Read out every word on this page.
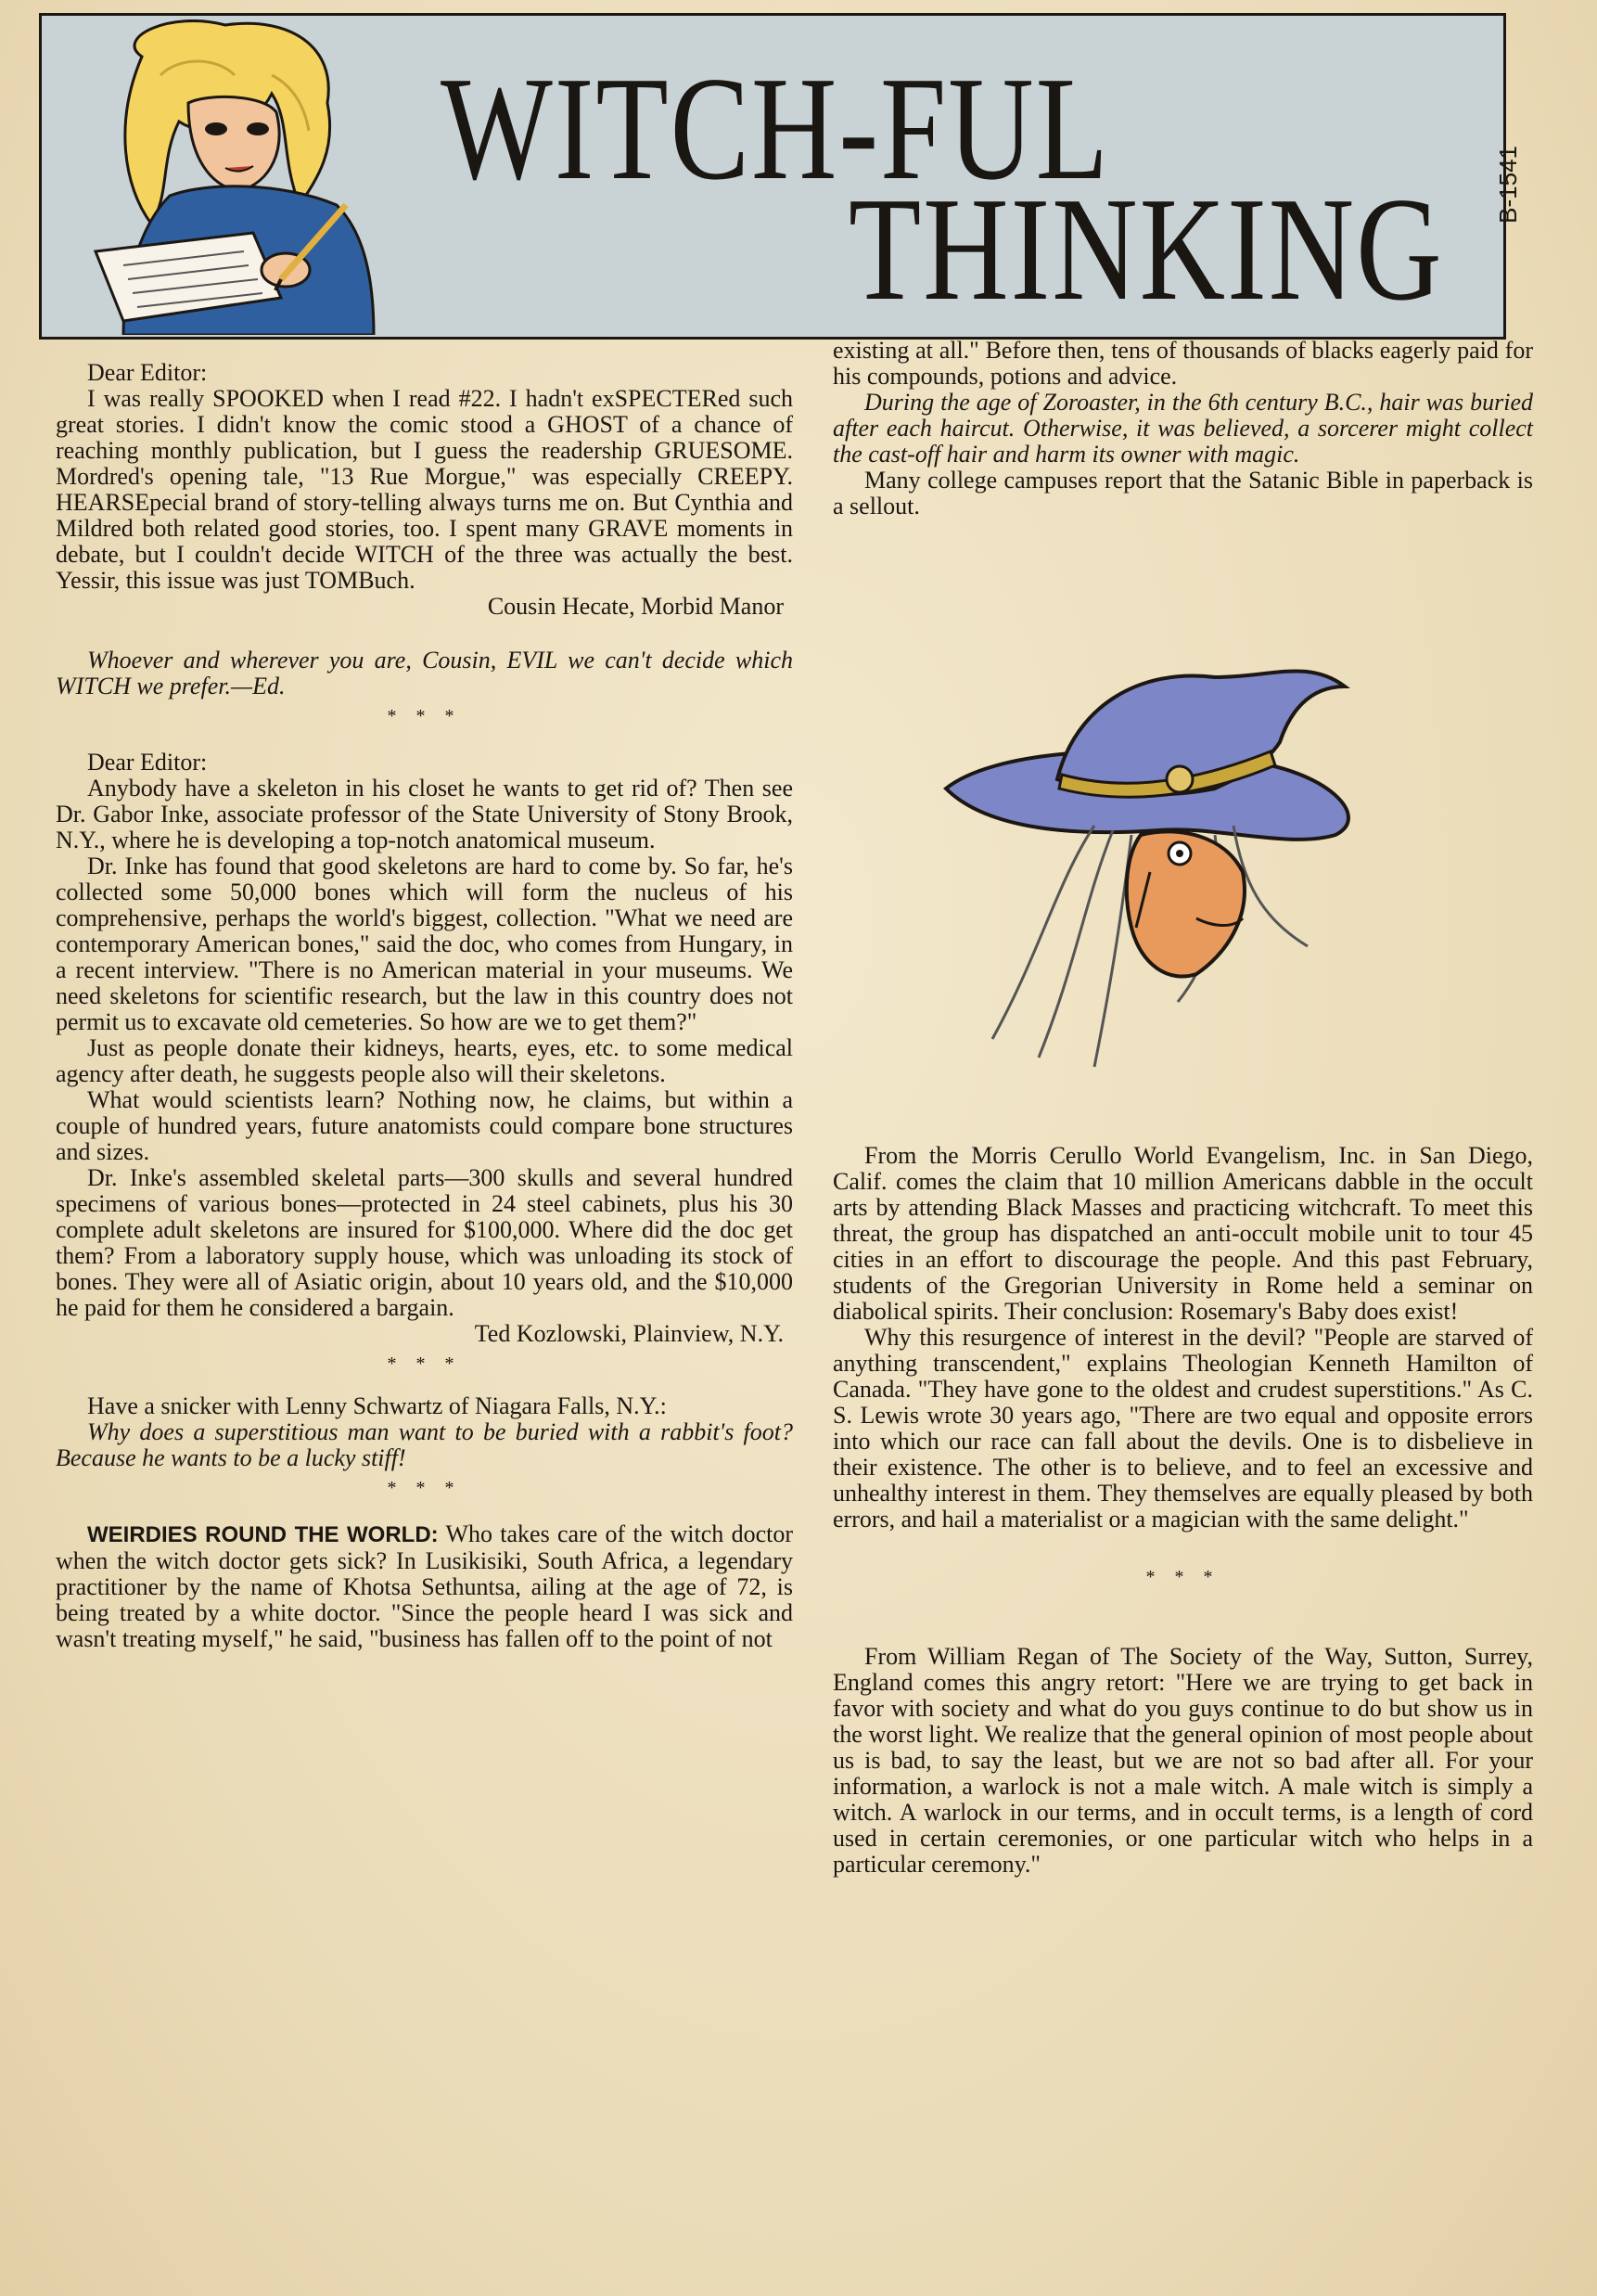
WITCH-FUL
THINKING B-1541

Dear Editor:

I was really SPOOKED when I read #22. I hadn't exSPECTERed such great stories. I didn't know the comic stood a GHOST of a chance of reaching monthly publication, but I guess the readership GRUESOME. Mordred's opening tale, "13 Rue Morgue," was especially CREEPY. HEARSEpecial brand of story-telling always turns me on. But Cynthia and Mildred both related good stories, too. I spent many GRAVE moments in debate, but I couldn't decide WITCH of the three was actually the best. Yessir, this issue was just TOMBuch.

Cousin Hecate, Morbid Manor

Whoever and wherever you are, Cousin, EVIL we can't decide which WITCH we prefer.—Ed.

* * *

Dear Editor:

Anybody have a skeleton in his closet he wants to get rid of? Then see Dr. Gabor Inke, associate professor of the State University of Stony Brook, N.Y., where he is developing a top-notch anatomical museum.

Dr. Inke has found that good skeletons are hard to come by. So far, he's collected some 50,000 bones which will form the nucleus of his comprehensive, perhaps the world's biggest, collection. "What we need are contemporary American bones," said the doc, who comes from Hungary, in a recent interview. "There is no American material in your museums. We need skeletons for scientific research, but the law in this country does not permit us to excavate old cemeteries. So how are we to get them?"

Just as people donate their kidneys, hearts, eyes, etc. to some medical agency after death, he suggests people also will their skeletons.

What would scientists learn? Nothing now, he claims, but within a couple of hundred years, future anatomists could compare bone structures and sizes.

Dr. Inke's assembled skeletal parts—300 skulls and several hundred specimens of various bones—protected in 24 steel cabinets, plus his 30 complete adult skeletons are insured for $100,000. Where did the doc get them? From a laboratory supply house, which was unloading its stock of bones. They were all of Asiatic origin, about 10 years old, and the $10,000 he paid for them he considered a bargain.

Ted Kozlowski, Plainview, N.Y.

* * *

Have a snicker with Lenny Schwartz of Niagara Falls, N.Y.:

Why does a superstitious man want to be buried with a rabbit's foot? Because he wants to be a lucky stiff!

* * *

WEIRDIES ROUND THE WORLD: Who takes care of the witch doctor when the witch doctor gets sick? In Lusikisiki, South Africa, a legendary practitioner by the name of Khotsa Sethuntsa, ailing at the age of 72, is being treated by a white doctor. "Since the people heard I was sick and wasn't treating myself," he said, "business has fallen off to the point of not

existing at all." Before then, tens of thousands of blacks eagerly paid for his compounds, potions and advice.

During the age of Zoroaster, in the 6th century B.C., hair was buried after each haircut. Otherwise, it was believed, a sorcerer might collect the cast-off hair and harm its owner with magic.

Many college campuses report that the Satanic Bible in paperback is a sellout.

From the Morris Cerullo World Evangelism, Inc. in San Diego, Calif. comes the claim that 10 million Americans dabble in the occult arts by attending Black Masses and practicing witchcraft. To meet this threat, the group has dispatched an anti-occult mobile unit to tour 45 cities in an effort to discourage the people. And this past February, students of the Gregorian University in Rome held a seminar on diabolical spirits. Their conclusion: Rosemary's Baby does exist!

Why this resurgence of interest in the devil? "People are starved of anything transcendent," explains Theologian Kenneth Hamilton of Canada. "They have gone to the oldest and crudest superstitions." As C. S. Lewis wrote 30 years ago, "There are two equal and opposite errors into which our race can fall about the devils. One is to disbelieve in their existence. The other is to believe, and to feel an excessive and unhealthy interest in them. They themselves are equally pleased by both errors, and hail a materialist or a magician with the same delight."

* * *

From William Regan of The Society of the Way, Sutton, Surrey, England comes this angry retort: "Here we are trying to get back in favor with society and what do you guys continue to do but show us in the worst light. We realize that the general opinion of most people about us is bad, to say the least, but we are not so bad after all. For your information, a warlock is not a male witch. A male witch is simply a witch. A warlock in our terms, and in occult terms, is a length of cord used in certain ceremonies, or one particular witch who helps in a particular ceremony."
